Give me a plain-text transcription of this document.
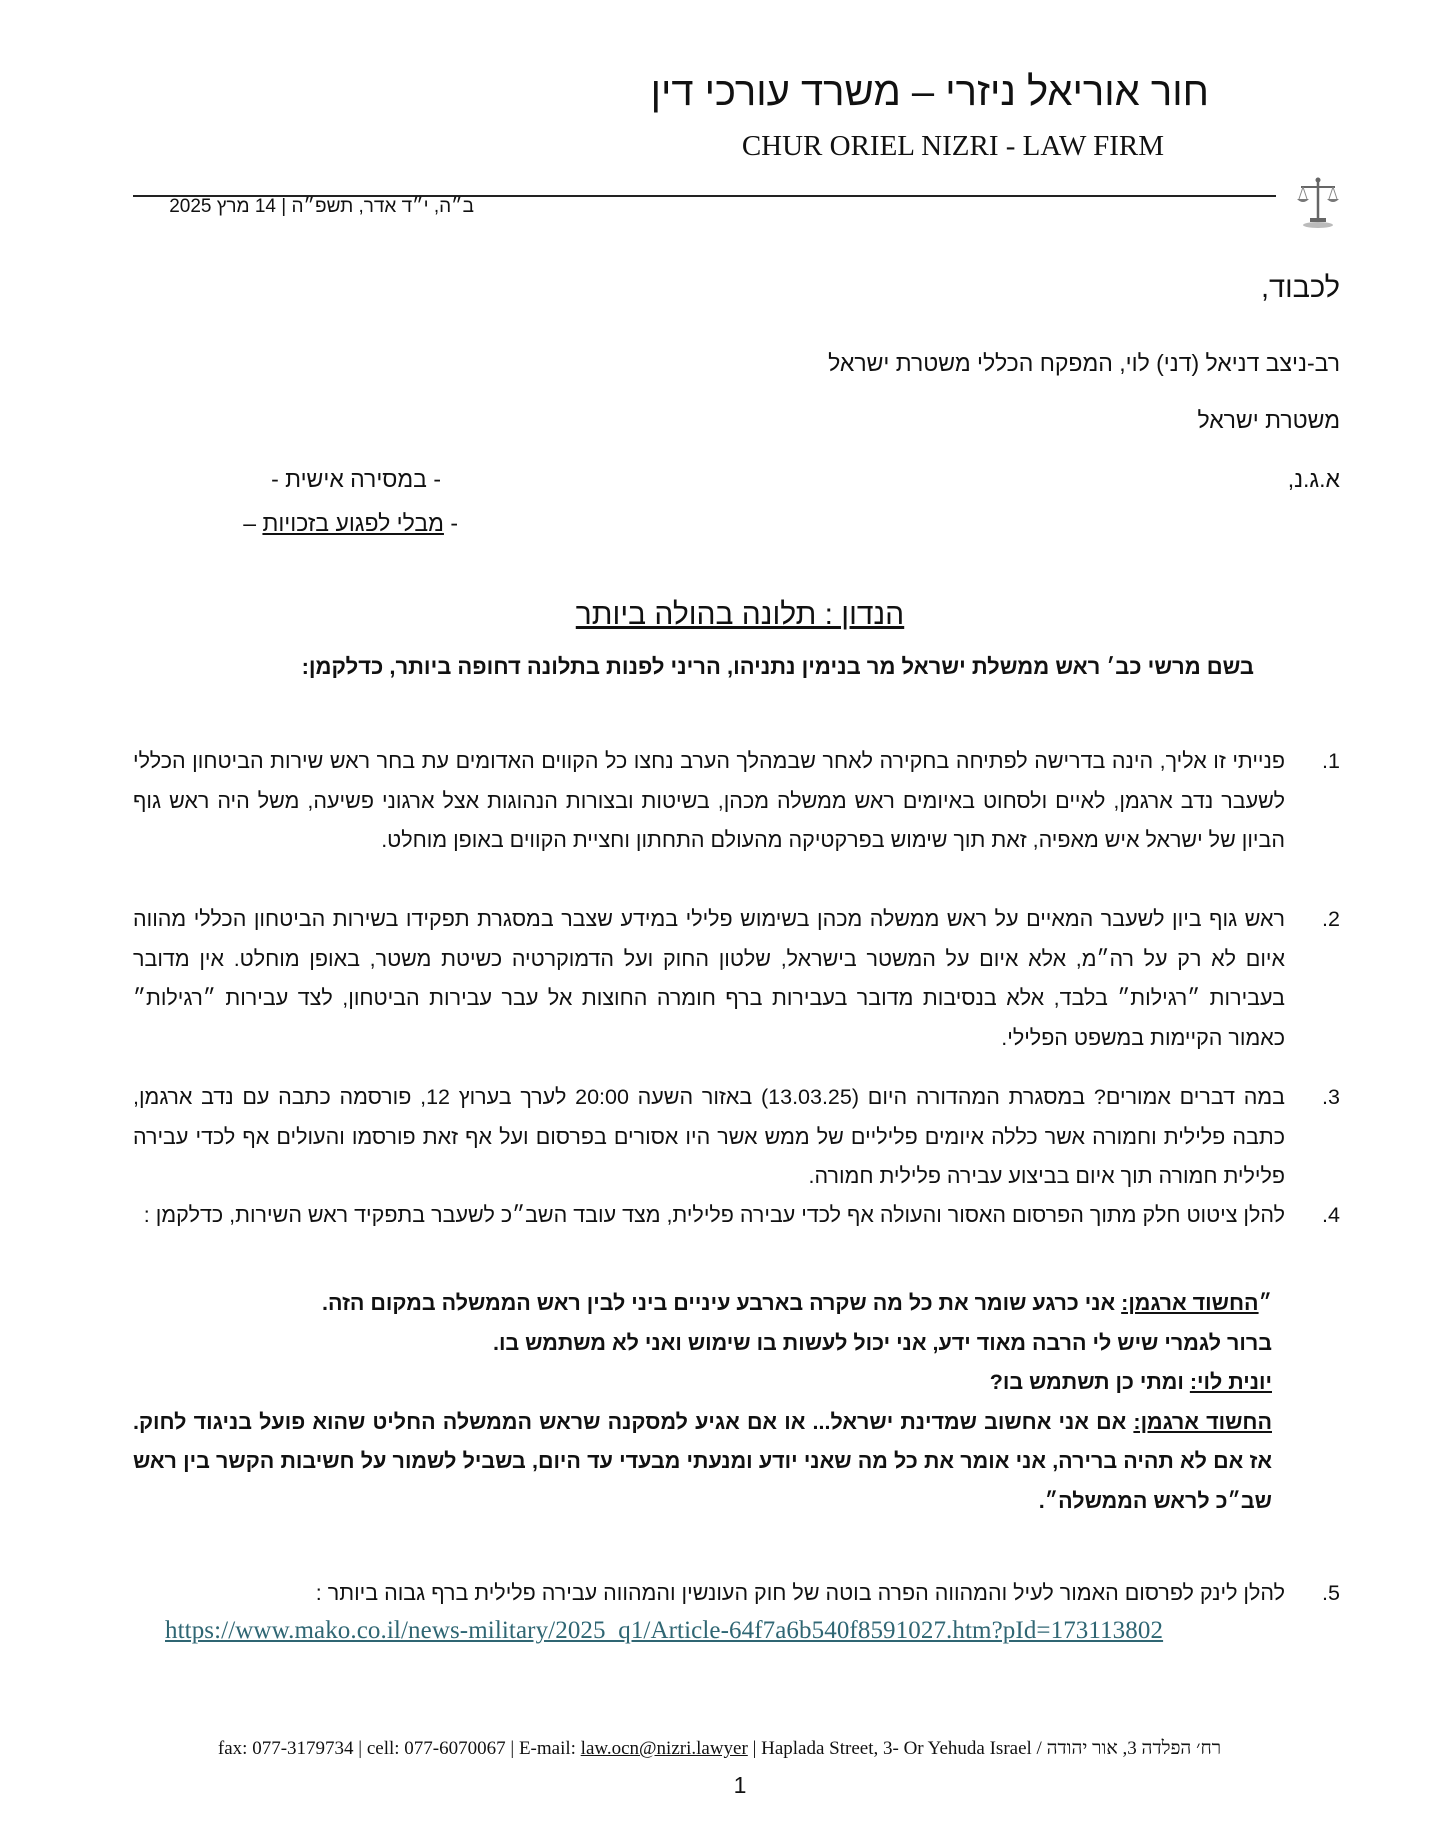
חור אוריאל ניזרי – משרד עורכי דין
CHUR ORIEL NIZRI - LAW FIRM
ב״ה, י״ד אדר, תשפ״ה | 14 מרץ 2025
לכבוד,
רב-ניצב דניאל (דני) לוי, המפקח הכללי משטרת ישראל
משטרת ישראל
א.ג.נ,
- במסירה אישית -
- מבלי לפגוע בזכויות –
הנדון : תלונה בהולה ביותר
בשם מרשי כב׳ ראש ממשלת ישראל מר בנימין נתניהו, הריני לפנות בתלונה דחופה ביותר, כדלקמן:
1.
פנייתי זו אליך, הינה בדרישה לפתיחה בחקירה לאחר שבמהלך הערב נחצו כל הקווים האדומים עת בחר ראש שירות הביטחון הכללי לשעבר נדב ארגמן, לאיים ולסחוט באיומים ראש ממשלה מכהן, בשיטות ובצורות הנהוגות אצל ארגוני פשיעה, משל היה ראש גוף הביון של ישראל איש מאפיה, זאת תוך שימוש בפרקטיקה מהעולם התחתון וחציית הקווים באופן מוחלט.
2.
ראש גוף ביון לשעבר המאיים על ראש ממשלה מכהן בשימוש פלילי במידע שצבר במסגרת תפקידו בשירות הביטחון הכללי מהווה איום לא רק על רה״מ, אלא איום על המשטר בישראל, שלטון החוק ועל הדמוקרטיה כשיטת משטר, באופן מוחלט. אין מדובר בעבירות ״רגילות״ בלבד, אלא בנסיבות מדובר בעבירות ברף חומרה החוצות אל עבר עבירות הביטחון, לצד עבירות ״רגילות״ כאמור הקיימות במשפט הפלילי.
3.
במה דברים אמורים? במסגרת המהדורה היום (13.03.25) באזור השעה 20:00 לערך בערוץ 12, פורסמה כתבה עם נדב ארגמן, כתבה פלילית וחמורה אשר כללה איומים פליליים של ממש אשר היו אסורים בפרסום ועל אף זאת פורסמו והעולים אף לכדי עבירה פלילית חמורה תוך איום בביצוע עבירה פלילית חמורה.
4.
להלן ציטוט חלק מתוך הפרסום האסור והעולה אף לכדי עבירה פלילית, מצד עובד השב״כ לשעבר בתפקיד ראש השירות, כדלקמן :
״החשוד ארגמן: אני כרגע שומר את כל מה שקרה בארבע עיניים ביני לבין ראש הממשלה במקום הזה.
ברור לגמרי שיש לי הרבה מאוד ידע, אני יכול לעשות בו שימוש ואני לא משתמש בו.
יונית לוי: ומתי כן תשתמש בו?
החשוד ארגמן: אם אני אחשוב שמדינת ישראל... או אם אגיע למסקנה שראש הממשלה החליט שהוא פועל בניגוד לחוק. אז אם לא תהיה ברירה, אני אומר את כל מה שאני יודע ומנעתי מבעדי עד היום, בשביל לשמור על חשיבות הקשר בין ראש שב״כ לראש הממשלה״.
5.
להלן לינק לפרסום האמור לעיל והמהווה הפרה בוטה של חוק העונשין והמהווה עבירה פלילית ברף גבוה ביותר :
https://www.mako.co.il/news-military/2025_q1/Article-64f7a6b540f8591027.htm?pId=173113802
fax: 077-3179734 | cell: 077-6070067 | E-mail: law.ocn@nizri.lawyer | Haplada Street, 3- Or Yehuda Israel / רח׳ הפלדה 3, אור יהודה
1
